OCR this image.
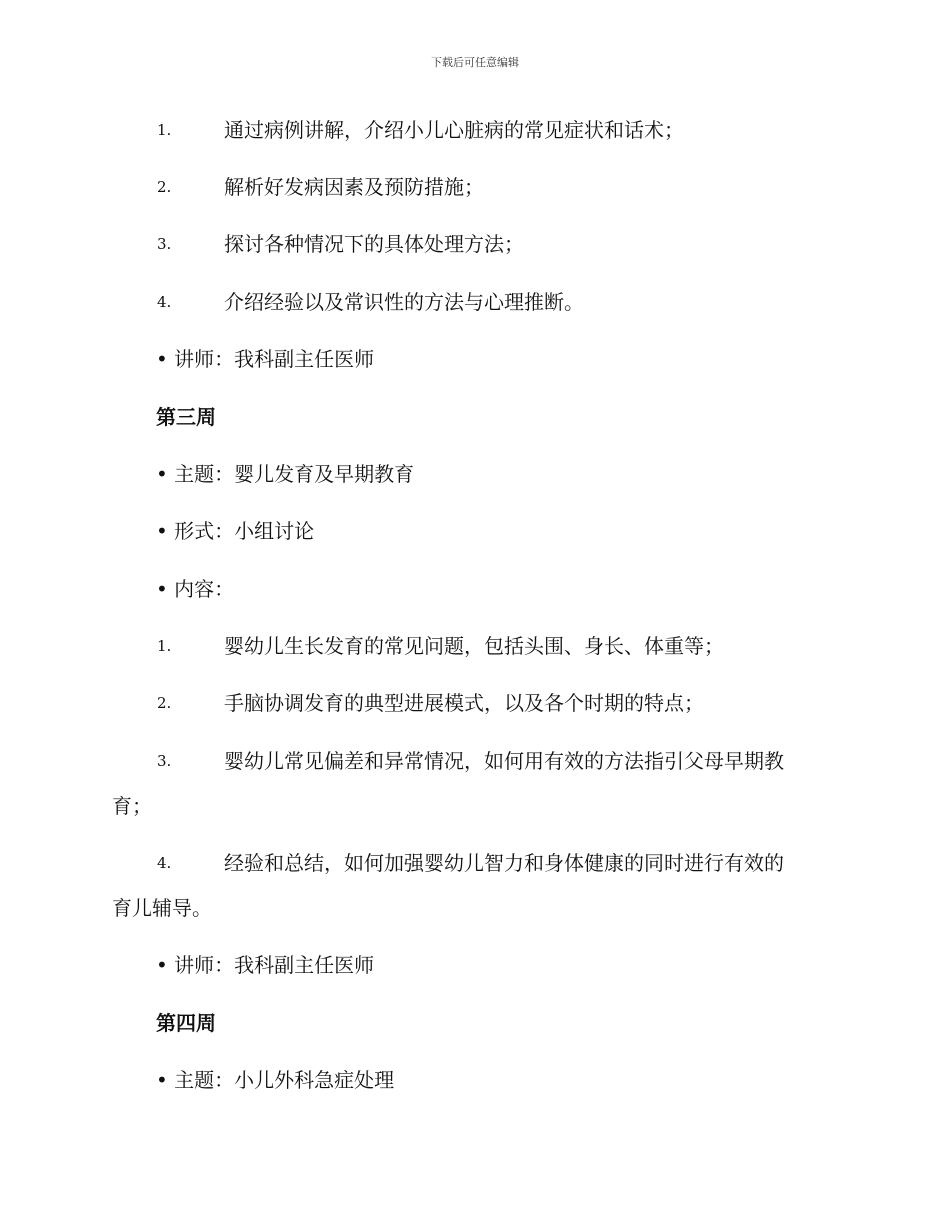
下载后可任意编辑
1.	通过病例讲解，介绍小儿心脏病的常见症状和话术；
2.	解析好发病因素及预防措施；
3.	探讨各种情况下的具体处理方法；
4.	介绍经验以及常识性的方法与心理推断。
• 讲师：我科副主任医师
第三周
• 主题：婴儿发育及早期教育
• 形式：小组讨论
• 内容：
1.	婴幼儿生长发育的常见问题，包括头围、身长、体重等；
2.	手脑协调发育的典型进展模式，以及各个时期的特点；
3.	婴幼儿常见偏差和异常情况，如何用有效的方法指引父母早期教
育；
4.	经验和总结，如何加强婴幼儿智力和身体健康的同时进行有效的
育儿辅导。
• 讲师：我科副主任医师
第四周
• 主题：小儿外科急症处理
